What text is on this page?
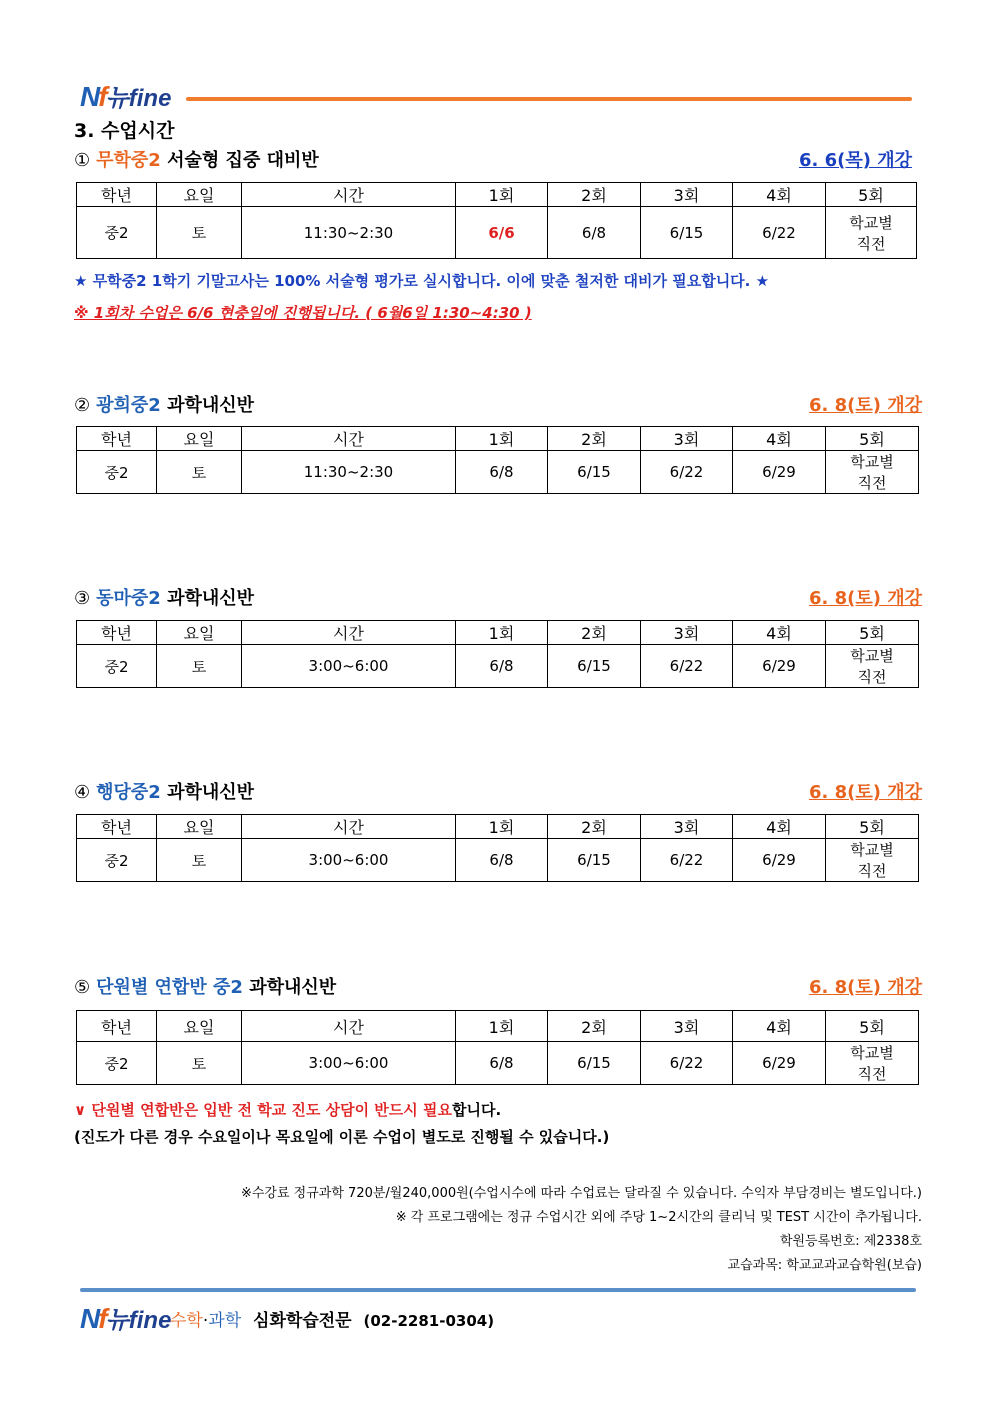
Nf뉴fine
3. 수업시간
① 무학중2 서술형 집중 대비반	6. 6(목) 개강
학년	요일	시간	1회	2회	3회	4회	5회
중2	토	11:30~2:30	6/6	6/8	6/15	6/22	학교별
직전
★ 무학중2 1학기 기말고사는 100% 서술형 평가로 실시합니다. 이에 맞춘 철저한 대비가 필요합니다. ★
※ 1회차 수업은 6/6 현충일에 진행됩니다. ( 6월6일 1:30~4:30 )
② 광희중2 과학내신반	6. 8(토) 개강
학년	요일	시간	1회	2회	3회	4회	5회
중2	토	11:30~2:30	6/8	6/15	6/22	6/29	학교별
직전
③ 동마중2 과학내신반	6. 8(토) 개강
학년	요일	시간	1회	2회	3회	4회	5회
중2	토	3:00~6:00	6/8	6/15	6/22	6/29	학교별
직전
④ 행당중2 과학내신반	6. 8(토) 개강
학년	요일	시간	1회	2회	3회	4회	5회
중2	토	3:00~6:00	6/8	6/15	6/22	6/29	학교별
직전
⑤ 단원별 연합반 중2 과학내신반	6. 8(토) 개강
학년	요일	시간	1회	2회	3회	4회	5회
중2	토	3:00~6:00	6/8	6/15	6/22	6/29	학교별
직전
∨ 단원별 연합반은 입반 전 학교 진도 상담이 반드시 필요합니다.
(진도가 다른 경우 수요일이나 목요일에 이론 수업이 별도로 진행될 수 있습니다.)
※수강료 정규과학 720분/월240,000원(수업시수에 따라 수업료는 달라질 수 있습니다. 수익자 부담경비는 별도입니다.)
※ 각 프로그램에는 정규 수업시간 외에 주당 1~2시간의 클리닉 및 TEST 시간이 추가됩니다.
학원등록번호: 제2338호
교습과목: 학교교과교습학원(보습)
Nf뉴fine
수학·과학 심화학습전문 (02-2281-0304)
